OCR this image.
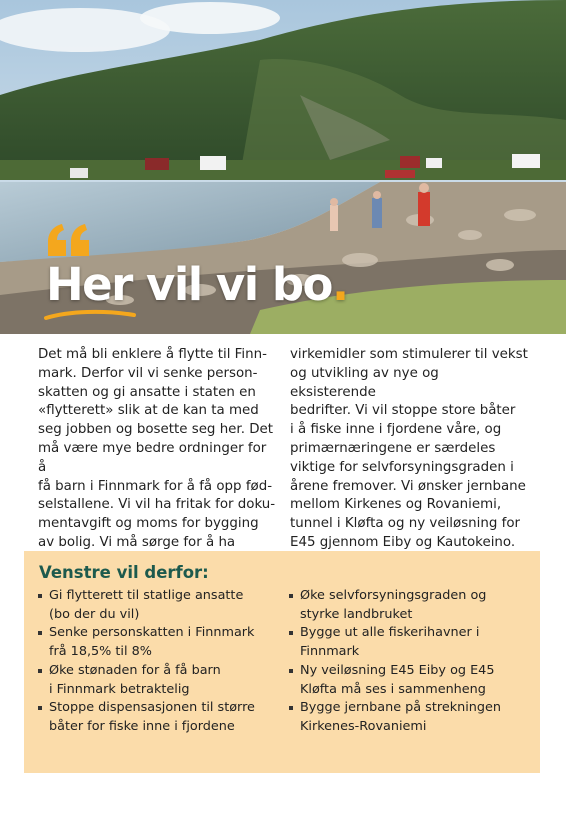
Her vil vi bo.

Det må bli enklere å flytte til Finn-
mark. Derfor vil vi senke person-
skatten og gi ansatte i staten en
«flytterett» slik at de kan ta med
seg jobben og bosette seg her. Det
må være mye bedre ordninger for å
få barn i Finnmark for å få opp fød-
selstallene. Vi vil ha fritak for doku-
mentavgift og moms for bygging
av bolig. Vi må sørge for å ha

virkemidler som stimulerer til vekst
og utvikling av nye og eksisterende
bedrifter. Vi vil stoppe store båter
i å fiske inne i fjordene våre, og
primærnæringene er særdeles
viktige for selvforsyningsgraden i
årene fremover. Vi ønsker jernbane
mellom Kirkenes og Rovaniemi,
tunnel i Kløfta og ny veiløsning for
E45 gjennom Eiby og Kautokeino.

Venstre vil derfor:
Gi flytterett til statlige ansatte
(bo der du vil)
Senke personskatten i Finnmark
frå 18,5% til 8%
Øke stønaden for å få barn
i Finnmark betraktelig
Stoppe dispensasjonen til større
båter for fiske inne i fjordene
Øke selvforsyningsgraden og
styrke landbruket
Bygge ut alle fiskerihavner i
Finnmark
Ny veiløsning E45 Eiby og E45
Kløfta må ses i sammenheng
Bygge jernbane på strekningen
Kirkenes-Rovaniemi
